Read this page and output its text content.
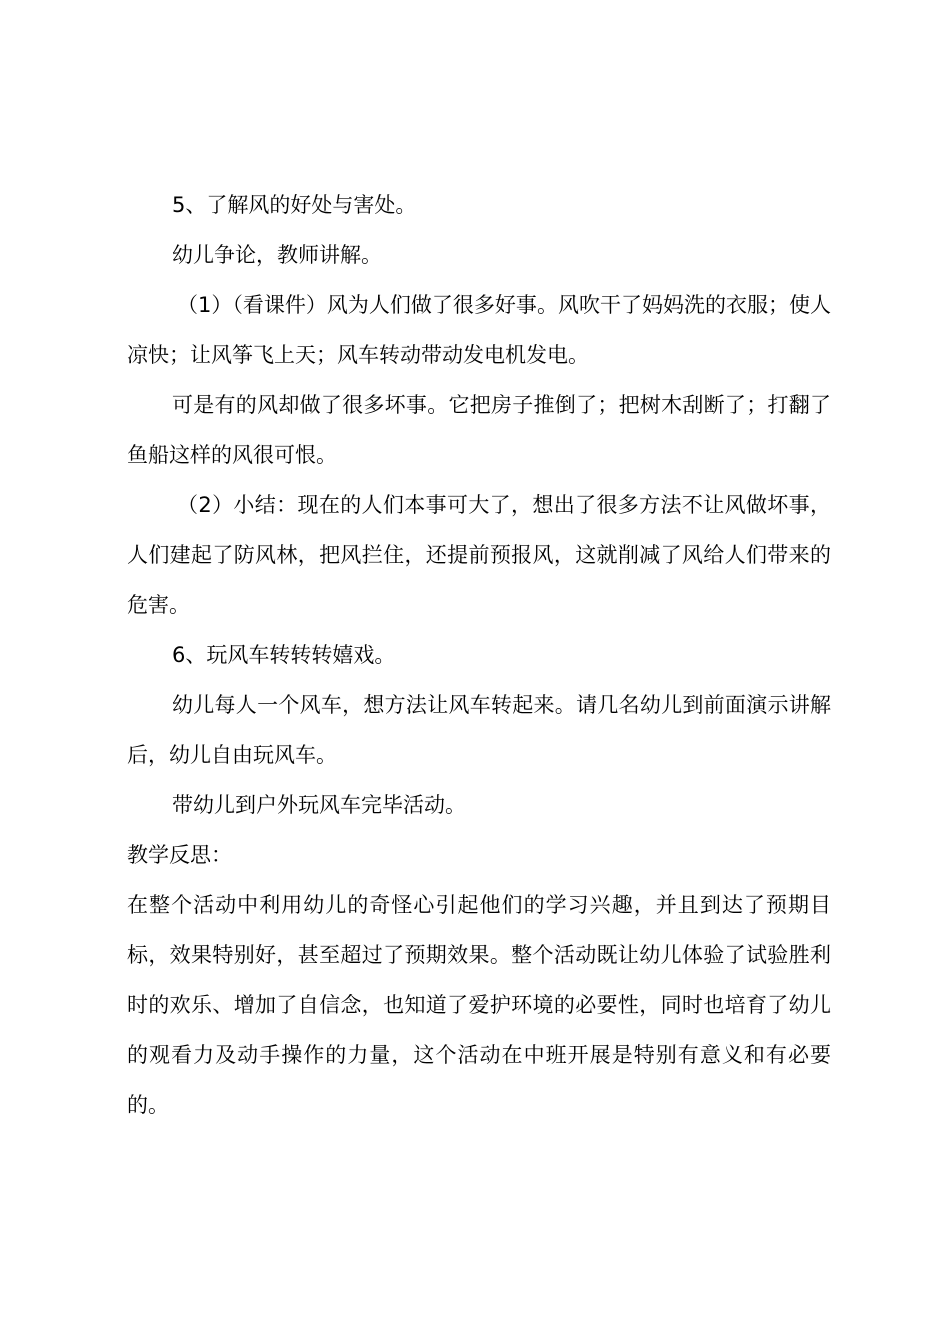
5、了解风的好处与害处。

幼儿争论，教师讲解。

（1）（看课件）风为人们做了很多好事。风吹干了妈妈洗的衣服；使人凉快；让风筝飞上天；风车转动带动发电机发电。

可是有的风却做了很多坏事。它把房子推倒了；把树木刮断了；打翻了鱼船这样的风很可恨。

（2）小结：现在的人们本事可大了，想出了很多方法不让风做坏事，人们建起了防风林，把风拦住，还提前预报风，这就削减了风给人们带来的危害。

6、玩风车转转转嬉戏。

幼儿每人一个风车，想方法让风车转起来。请几名幼儿到前面演示讲解后，幼儿自由玩风车。

带幼儿到户外玩风车完毕活动。

教学反思：

在整个活动中利用幼儿的奇怪心引起他们的学习兴趣，并且到达了预期目标，效果特别好，甚至超过了预期效果。整个活动既让幼儿体验了试验胜利时的欢乐、增加了自信念，也知道了爱护环境的必要性，同时也培育了幼儿的观看力及动手操作的力量，这个活动在中班开展是特别有意义和有必要的。
